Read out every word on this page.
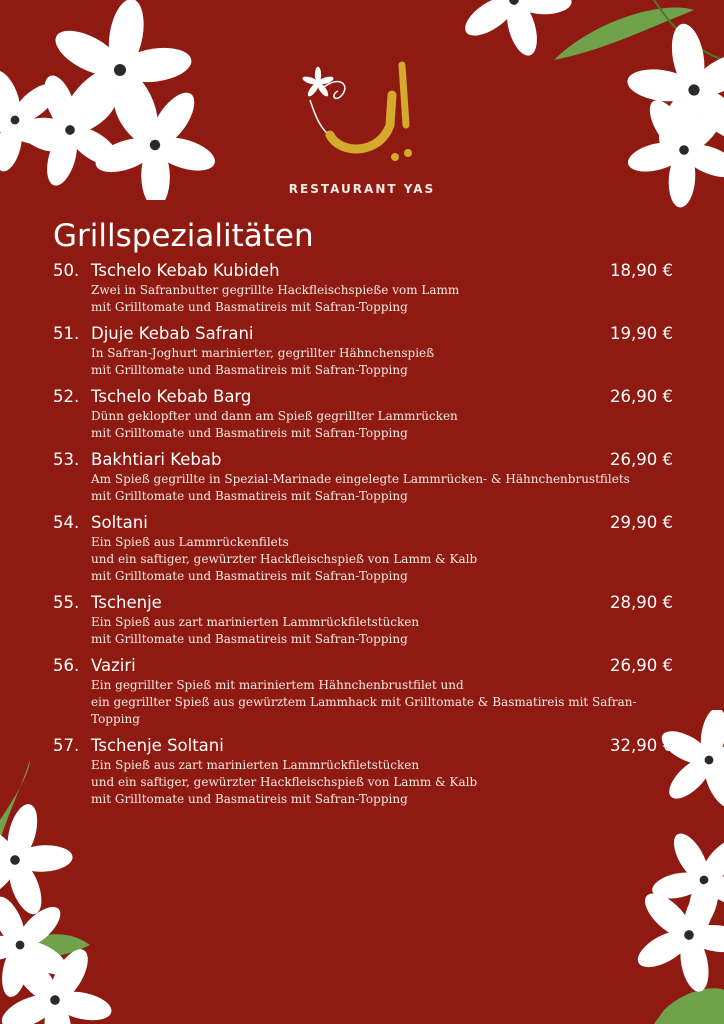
RESTAURANT YAS
Grillspezialitäten
50. Tschelo Kebab Kubideh	18,90 €
Zwei in Safranbutter gegrillte Hackfleischspieße vom Lamm
mit Grilltomate und Basmatireis mit Safran-Topping
51. Djuje Kebab Safrani	19,90 €
In Safran-Joghurt marinierter, gegrillter Hähnchenspieß
mit Grilltomate und Basmatireis mit Safran-Topping
52. Tschelo Kebab Barg	26,90 €
Dünn geklopfter und dann am Spieß gegrillter Lammrücken
mit Grilltomate und Basmatireis mit Safran-Topping
53. Bakhtiari Kebab	26,90 €
Am Spieß gegrillte in Spezial-Marinade eingelegte Lammrücken- & Hähnchenbrustfilets
mit Grilltomate und Basmatireis mit Safran-Topping
54. Soltani	29,90 €
Ein Spieß aus Lammrückenfilets
und ein saftiger, gewürzter Hackfleischspieß von Lamm & Kalb
mit Grilltomate und Basmatireis mit Safran-Topping
55. Tschenje	28,90 €
Ein Spieß aus zart marinierten Lammrückfiletstücken
mit Grilltomate und Basmatireis mit Safran-Topping
56. Vaziri	26,90 €
Ein gegrillter Spieß mit mariniertem Hähnchenbrustfilet und
ein gegrillter Spieß aus gewürztem Lammhack mit Grilltomate & Basmatireis mit Safran-Topping
57. Tschenje Soltani	32,90 €
Ein Spieß aus zart marinierten Lammrückfiletstücken
und ein saftiger, gewürzter Hackfleischspieß von Lamm & Kalb
mit Grilltomate und Basmatireis mit Safran-Topping
